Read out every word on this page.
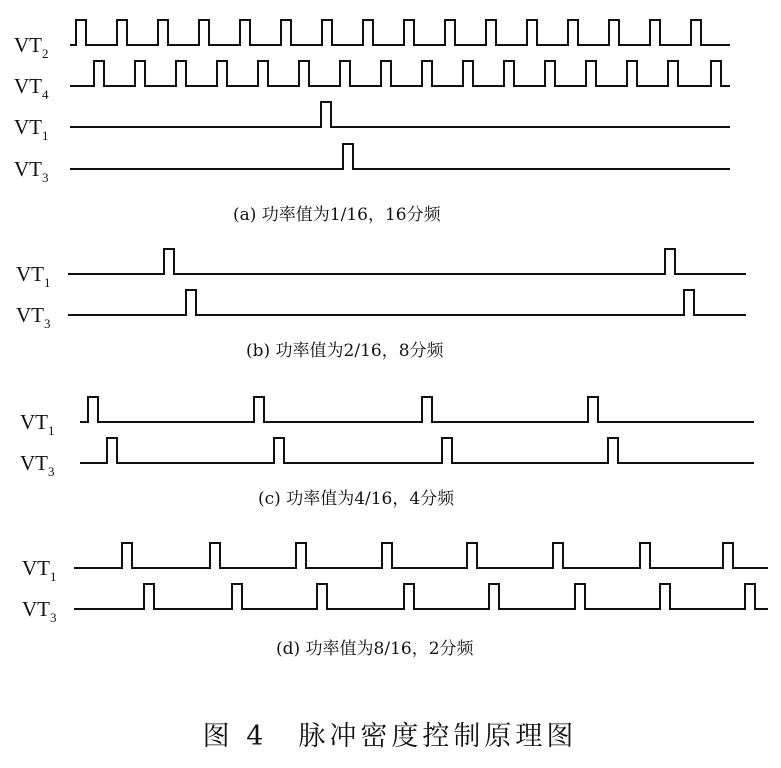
$VT_2$
$VT_4$
$VT_1$
$VT_3$
(a) 功率值为1/16，16分频
$VT_1$
$VT_3$
(b) 功率值为2/16，8分频
$VT_1$
$VT_3$
(c) 功率值为4/16，4分频
$VT_1$
$VT_3$
(d) 功率值为8/16，2分频
图 4　脉冲密度控制原理图
